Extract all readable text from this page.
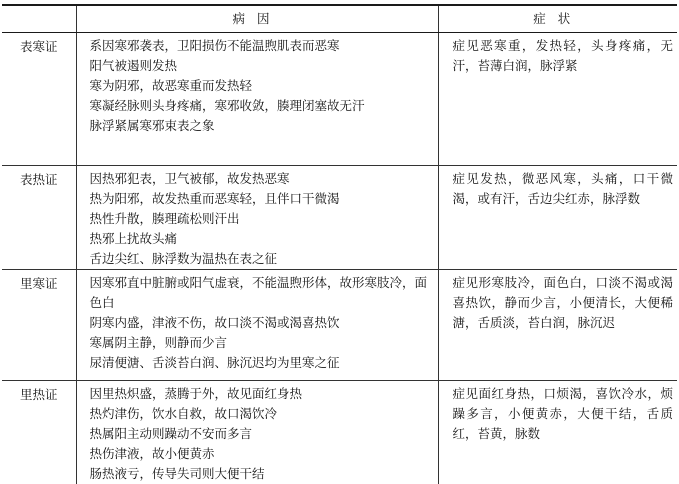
	病因	症状
表寒证	系因寒邪袭表，卫阳损伤不能温煦肌表而恶寒
阳气被遏则发热
寒为阴邪，故恶寒重而发热轻
寒凝经脉则头身疼痛，寒邪收敛，腠理闭塞故无汗
脉浮紧属寒邪束表之象	症见恶寒重，发热轻，头身疼痛，无汗，苔薄白润，脉浮紧

表热证	因热邪犯表，卫气被郁，故发热恶寒
热为阳邪，故发热重而恶寒轻，且伴口干微渴
热性升散，腠理疏松则汗出
热邪上扰故头痛
舌边尖红、脉浮数为温热在表之征	症见发热，微恶风寒，头痛，口干微渴，或有汗，舌边尖红赤，脉浮数

里寒证	因寒邪直中脏腑或阳气虚衰，不能温煦形体，故形寒肢冷，面色白
阴寒内盛，津液不伤，故口淡不渴或渴喜热饮
寒属阴主静，则静而少言
尿清便溏、舌淡苔白润、脉沉迟均为里寒之征	症见形寒肢冷，面色白，口淡不渴或渴喜热饮，静而少言，小便清长，大便稀溏，舌质淡，苔白润，脉沉迟

里热证	因里热炽盛，蒸腾于外，故见面红身热
热灼津伤，饮水自救，故口渴饮冷
热属阳主动则躁动不安而多言
热伤津液，故小便黄赤
肠热液亏，传导失司则大便干结	症见面红身热，口烦渴，喜饮冷水，烦躁多言，小便黄赤，大便干结，舌质红，苔黄，脉数
